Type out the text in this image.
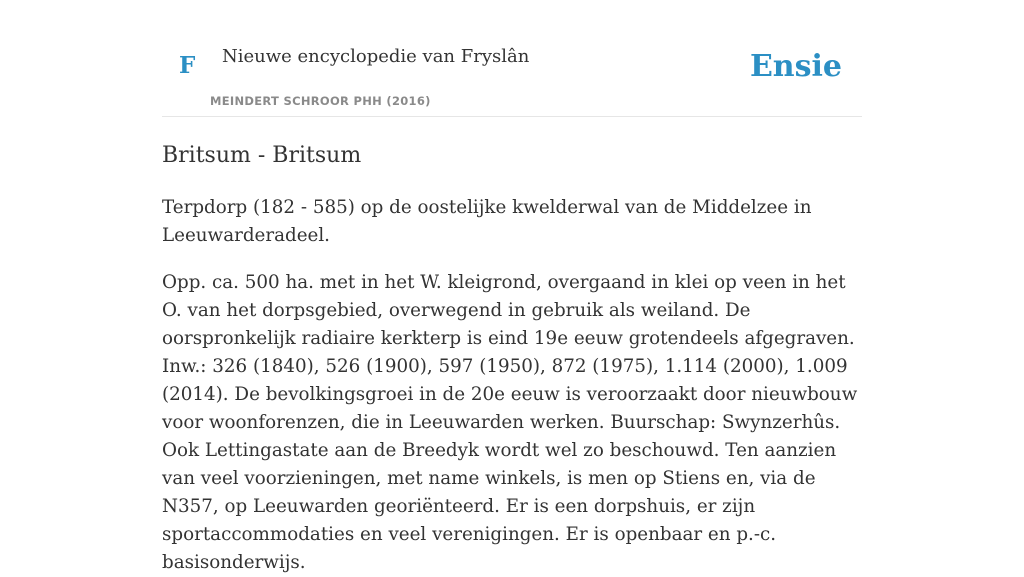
F Nieuwe encyclopedie van Fryslân
MEINDERT SCHROOR PHH (2016)
Ensie
Britsum - Britsum

Terpdorp (182 - 585) op de oostelijke kwelderwal van de Middelzee in Leeuwarderadeel.

Opp. ca. 500 ha. met in het W. kleigrond, overgaand in klei op veen in het O. van het dorpsgebied, overwegend in gebruik als weiland. De oorspronkelijk radiaire kerkterp is eind 19e eeuw grotendeels afgegraven. Inw.: 326 (1840), 526 (1900), 597 (1950), 872 (1975), 1.114 (2000), 1.009 (2014). De bevolkingsgroei in de 20e eeuw is veroorzaakt door nieuwbouw voor woonforenzen, die in Leeuwarden werken. Buurschap: Swynzerhûs. Ook Lettingastate aan de Breedyk wordt wel zo beschouwd. Ten aanzien van veel voorzieningen, met name winkels, is men op Stiens en, via de N357, op Leeuwarden georiënteerd. Er is een dorpshuis, er zijn sportaccommodaties en veel verenigingen. Er is openbaar en p.-c. basisonderwijs.
